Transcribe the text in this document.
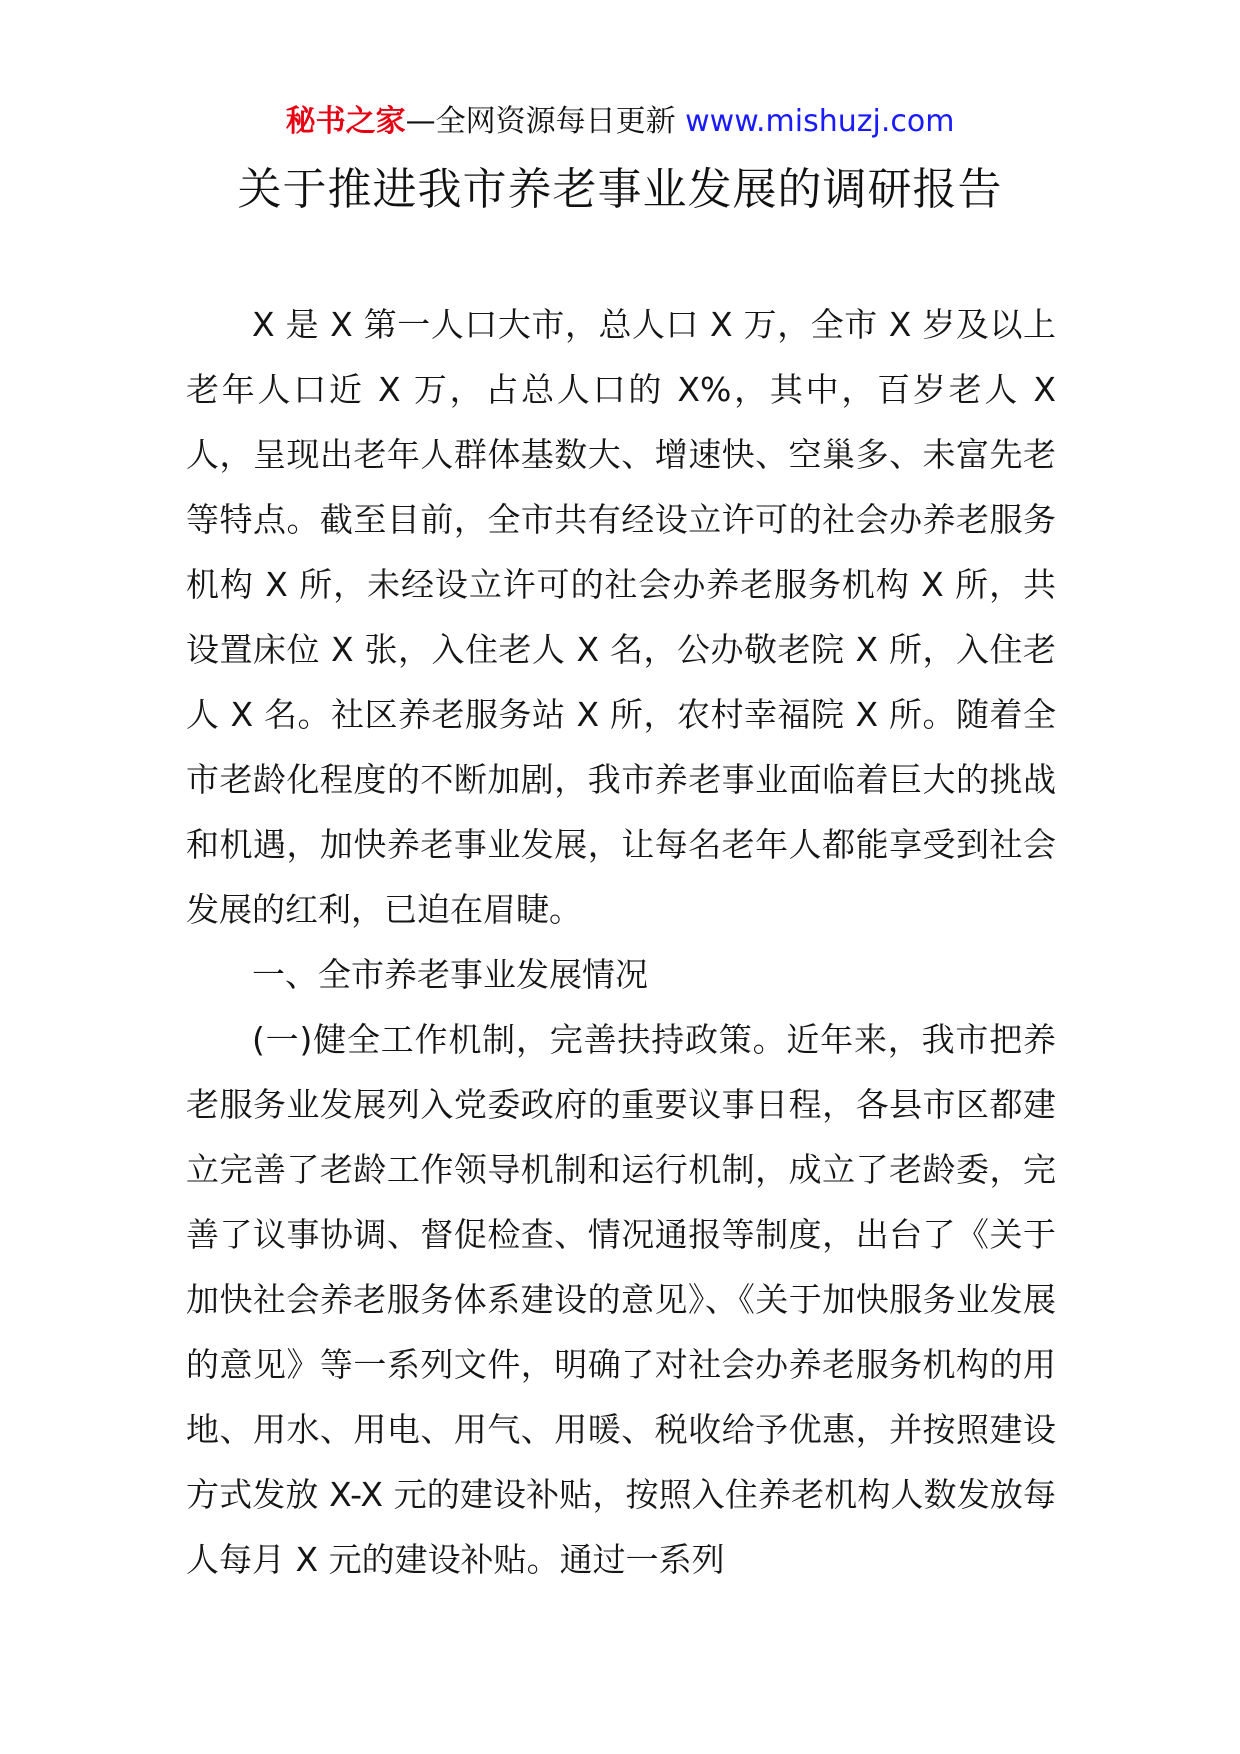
秘书之家—全网资源每日更新 www.mishuzj.com
关于推进我市养老事业发展的调研报告

X 是 X 第一人口大市，总人口 X 万，全市 X 岁及以上老年人口近 X 万，占总人口的 X%，其中，百岁老人 X 人，呈现出老年人群体基数大、增速快、空巢多、未富先老等特点。截至目前，全市共有经设立许可的社会办养老服务机构 X 所，未经设立许可的社会办养老服务机构 X 所，共设置床位 X 张，入住老人 X 名，公办敬老院 X 所，入住老人 X 名。社区养老服务站 X 所，农村幸福院 X 所。随着全市老龄化程度的不断加剧，我市养老事业面临着巨大的挑战和机遇，加快养老事业发展，让每名老年人都能享受到社会发展的红利，已迫在眉睫。

一、全市养老事业发展情况

(一)健全工作机制，完善扶持政策。近年来，我市把养老服务业发展列入党委政府的重要议事日程，各县市区都建立完善了老龄工作领导机制和运行机制，成立了老龄委，完善了议事协调、督促检查、情况通报等制度，出台了《关于加快社会养老服务体系建设的意见》、《关于加快服务业发展的意见》等一系列文件，明确了对社会办养老服务机构的用地、用水、用电、用气、用暖、税收给予优惠，并按照建设方式发放 X-X 元的建设补贴，按照入住养老机构人数发放每人每月 X 元的建设补贴。通过一系列
